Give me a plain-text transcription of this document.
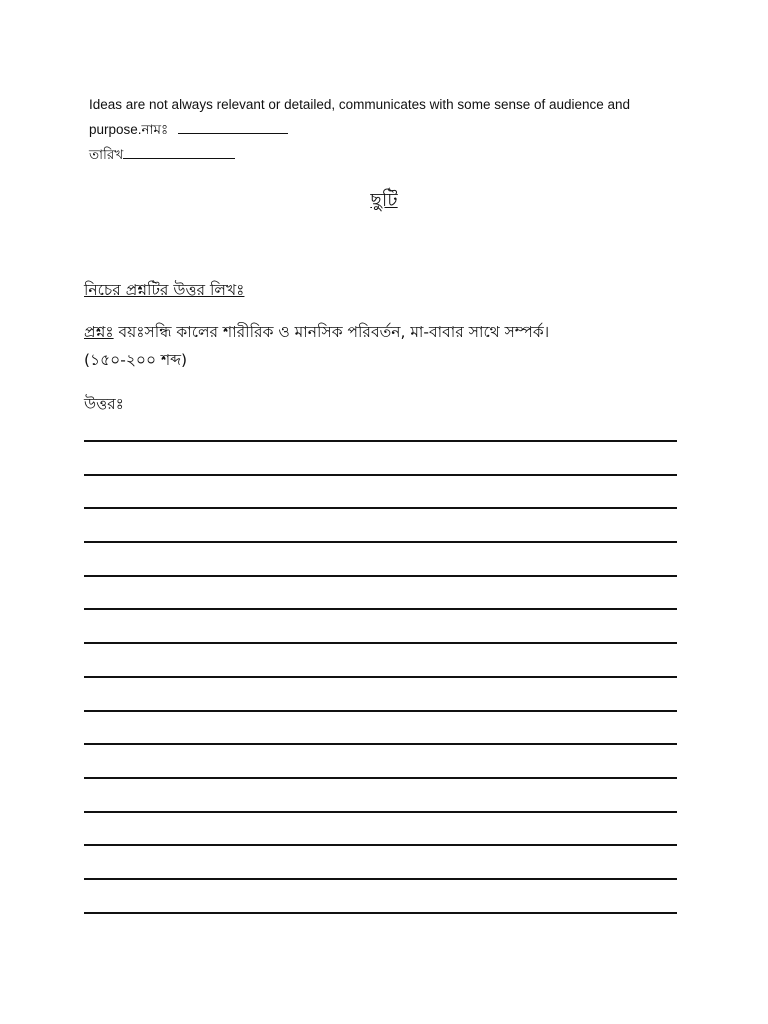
Ideas are not always relevant or detailed, communicates with some sense of audience and purpose.নামঃ
তারিখ
ছুটি
নিচের প্রশ্নটির উত্তর লিখঃ
প্রশ্নঃ বয়ঃসন্ধি কালের শারীরিক ও মানসিক পরিবর্তন, মা-বাবার সাথে সম্পর্ক।
(১৫০-২০০ শব্দ)
উত্তরঃ
